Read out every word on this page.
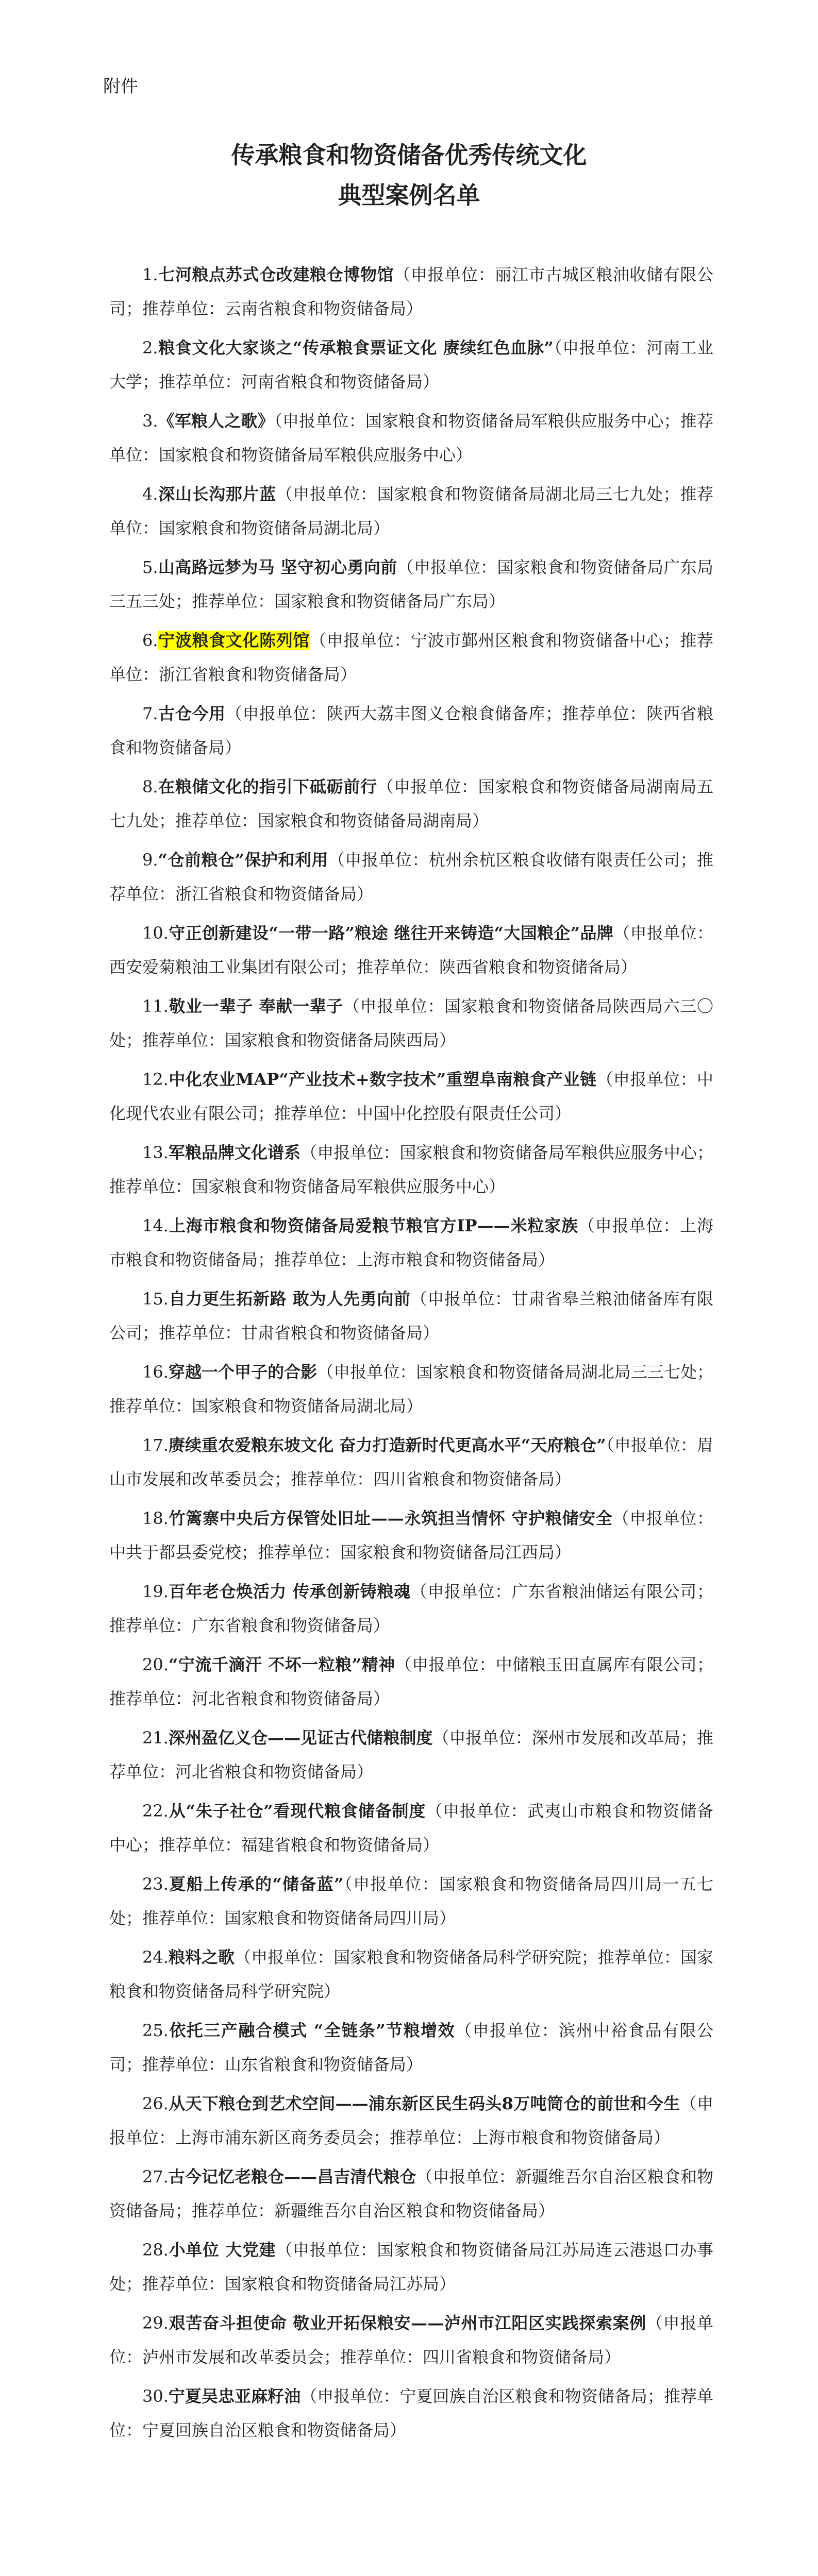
附件
传承粮食和物资储备优秀传统文化
典型案例名单

1.七河粮点苏式仓改建粮仓博物馆（申报单位：丽江市古城区粮油收储有限公司；推荐单位：云南省粮食和物资储备局）

2.粮食文化大家谈之“传承粮食票证文化 赓续红色血脉”（申报单位：河南工业大学；推荐单位：河南省粮食和物资储备局）

3.《军粮人之歌》（申报单位：国家粮食和物资储备局军粮供应服务中心；推荐单位：国家粮食和物资储备局军粮供应服务中心）

4.深山长沟那片蓝（申报单位：国家粮食和物资储备局湖北局三七九处；推荐单位：国家粮食和物资储备局湖北局）

5.山高路远梦为马 坚守初心勇向前（申报单位：国家粮食和物资储备局广东局三五三处；推荐单位：国家粮食和物资储备局广东局）

6.宁波粮食文化陈列馆（申报单位：宁波市鄞州区粮食和物资储备中心；推荐单位：浙江省粮食和物资储备局）

7.古仓今用（申报单位：陕西大荔丰图义仓粮食储备库；推荐单位：陕西省粮食和物资储备局）

8.在粮储文化的指引下砥砺前行（申报单位：国家粮食和物资储备局湖南局五七九处；推荐单位：国家粮食和物资储备局湖南局）

9.“仓前粮仓”保护和利用（申报单位：杭州余杭区粮食收储有限责任公司；推荐单位：浙江省粮食和物资储备局）

10.守正创新建设“一带一路”粮途 继往开来铸造“大国粮企”品牌（申报单位：西安爱菊粮油工业集团有限公司；推荐单位：陕西省粮食和物资储备局）

11.敬业一辈子 奉献一辈子（申报单位：国家粮食和物资储备局陕西局六三〇处；推荐单位：国家粮食和物资储备局陕西局）

12.中化农业MAP“产业技术+数字技术”重塑阜南粮食产业链（申报单位：中化现代农业有限公司；推荐单位：中国中化控股有限责任公司）

13.军粮品牌文化谱系（申报单位：国家粮食和物资储备局军粮供应服务中心；推荐单位：国家粮食和物资储备局军粮供应服务中心）

14.上海市粮食和物资储备局爱粮节粮官方IP——米粒家族（申报单位：上海市粮食和物资储备局；推荐单位：上海市粮食和物资储备局）

15.自力更生拓新路 敢为人先勇向前（申报单位：甘肃省皋兰粮油储备库有限公司；推荐单位：甘肃省粮食和物资储备局）

16.穿越一个甲子的合影（申报单位：国家粮食和物资储备局湖北局三三七处；推荐单位：国家粮食和物资储备局湖北局）

17.赓续重农爱粮东坡文化 奋力打造新时代更高水平“天府粮仓”（申报单位：眉山市发展和改革委员会；推荐单位：四川省粮食和物资储备局）

18.竹篱寨中央后方保管处旧址——永筑担当情怀 守护粮储安全（申报单位：中共于都县委党校；推荐单位：国家粮食和物资储备局江西局）

19.百年老仓焕活力 传承创新铸粮魂（申报单位：广东省粮油储运有限公司；推荐单位：广东省粮食和物资储备局）

20.“宁流千滴汗 不坏一粒粮”精神（申报单位：中储粮玉田直属库有限公司；推荐单位：河北省粮食和物资储备局）

21.深州盈亿义仓——见证古代储粮制度（申报单位：深州市发展和改革局；推荐单位：河北省粮食和物资储备局）

22.从“朱子社仓”看现代粮食储备制度（申报单位：武夷山市粮食和物资储备中心；推荐单位：福建省粮食和物资储备局）

23.夏船上传承的“储备蓝”（申报单位：国家粮食和物资储备局四川局一五七处；推荐单位：国家粮食和物资储备局四川局）

24.粮料之歌（申报单位：国家粮食和物资储备局科学研究院；推荐单位：国家粮食和物资储备局科学研究院）

25.依托三产融合模式 “全链条”节粮增效（申报单位：滨州中裕食品有限公司；推荐单位：山东省粮食和物资储备局）

26.从天下粮仓到艺术空间——浦东新区民生码头8万吨筒仓的前世和今生（申报单位：上海市浦东新区商务委员会；推荐单位：上海市粮食和物资储备局）

27.古今记忆老粮仓——昌吉清代粮仓（申报单位：新疆维吾尔自治区粮食和物资储备局；推荐单位：新疆维吾尔自治区粮食和物资储备局）

28.小单位 大党建（申报单位：国家粮食和物资储备局江苏局连云港退口办事处；推荐单位：国家粮食和物资储备局江苏局）

29.艰苦奋斗担使命 敬业开拓保粮安——泸州市江阳区实践探索案例（申报单位：泸州市发展和改革委员会；推荐单位：四川省粮食和物资储备局）

30.宁夏吴忠亚麻籽油（申报单位：宁夏回族自治区粮食和物资储备局；推荐单位：宁夏回族自治区粮食和物资储备局）
